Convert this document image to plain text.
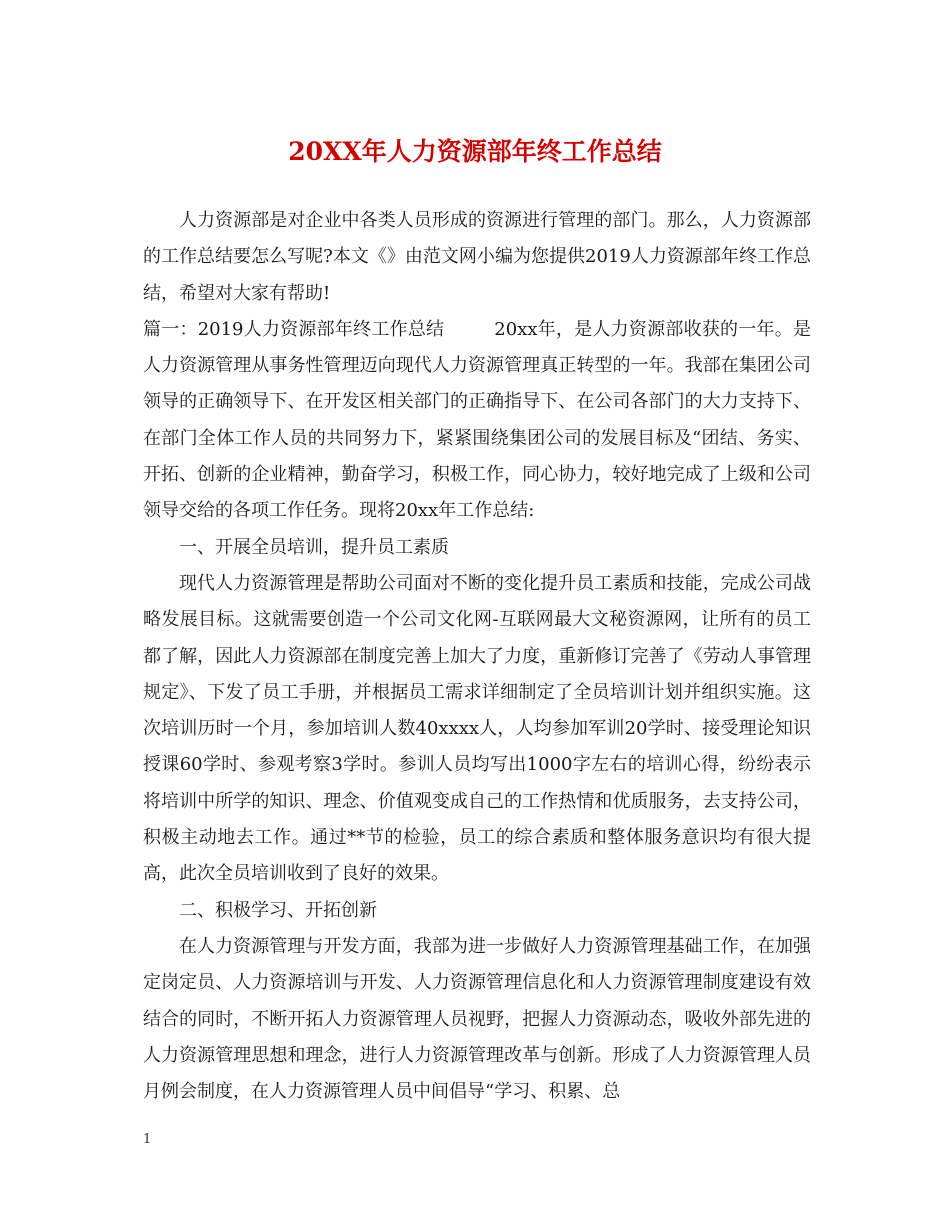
20XX年人力资源部年终工作总结

人力资源部是对企业中各类人员形成的资源进行管理的部门。那么，人力资源部的工作总结要怎么写呢?本文《》由范文网小编为您提供2019人力资源部年终工作总结，希望对大家有帮助!

篇一：2019人力资源部年终工作总结	20xx年，是人力资源部收获的一年。是人力资源管理从事务性管理迈向现代人力资源管理真正转型的一年。我部在集团公司领导的正确领导下、在开发区相关部门的正确指导下、在公司各部门的大力支持下、在部门全体工作人员的共同努力下，紧紧围绕集团公司的发展目标及“团结、务实、开拓、创新的企业精神，勤奋学习，积极工作，同心协力，较好地完成了上级和公司领导交给的各项工作任务。现将20xx年工作总结:

一、开展全员培训，提升员工素质

现代人力资源管理是帮助公司面对不断的变化提升员工素质和技能，完成公司战略发展目标。这就需要创造一个公司文化网-互联网最大文秘资源网，让所有的员工都了解，因此人力资源部在制度完善上加大了力度，重新修订完善了《劳动人事管理规定》、下发了员工手册，并根据员工需求详细制定了全员培训计划并组织实施。这次培训历时一个月，参加培训人数40xxxx人，人均参加军训20学时、接受理论知识授课60学时、参观考察3学时。参训人员均写出1000字左右的培训心得，纷纷表示将培训中所学的知识、理念、价值观变成自己的工作热情和优质服务，去支持公司，积极主动地去工作。通过**节的检验，员工的综合素质和整体服务意识均有很大提高，此次全员培训收到了良好的效果。

二、积极学习、开拓创新

在人力资源管理与开发方面，我部为进一步做好人力资源管理基础工作，在加强定岗定员、人力资源培训与开发、人力资源管理信息化和人力资源管理制度建设有效结合的同时，不断开拓人力资源管理人员视野，把握人力资源动态，吸收外部先进的人力资源管理思想和理念，进行人力资源管理改革与创新。形成了人力资源管理人员月例会制度，在人力资源管理人员中间倡导“学习、积累、总

1
